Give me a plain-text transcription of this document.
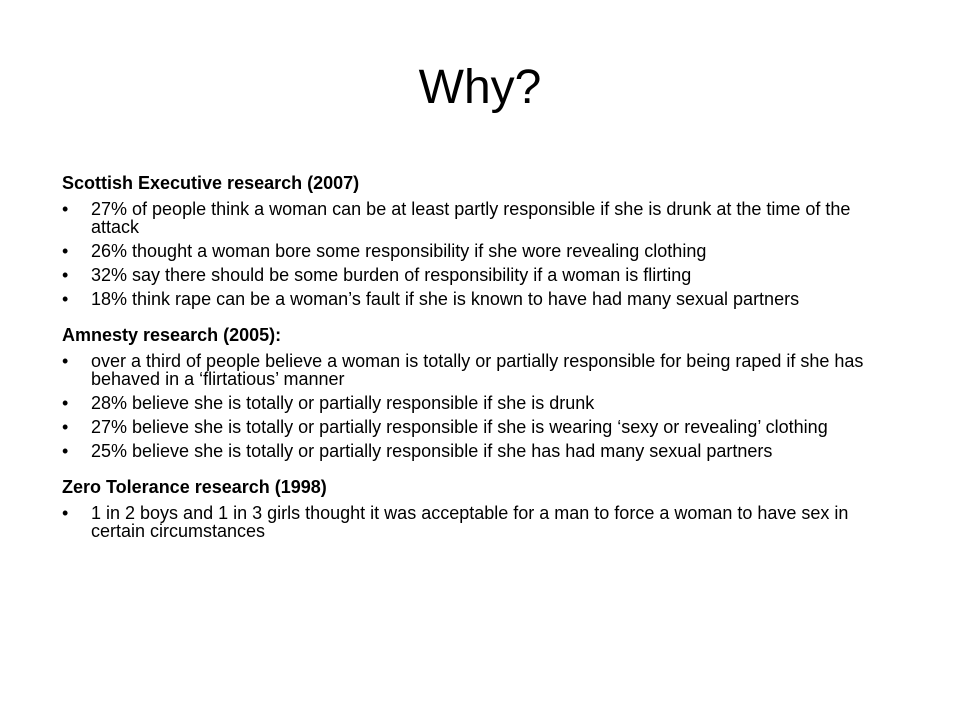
Why?
Scottish Executive research (2007)
• 27% of people think a woman can be at least partly responsible if she is drunk at the time of the attack
• 26% thought a woman bore some responsibility if she wore revealing clothing
• 32% say there should be some burden of responsibility if a woman is flirting
• 18% think rape can be a woman’s fault if she is known to have had many sexual partners
Amnesty research (2005):
• over a third of people believe a woman is totally or partially responsible for being raped if she has behaved in a ‘flirtatious’ manner
• 28% believe she is totally or partially responsible if she is drunk
• 27% believe she is totally or partially responsible if she is wearing ‘sexy or revealing’ clothing
• 25% believe she is totally or partially responsible if she has had many sexual partners
Zero Tolerance research (1998)
• 1 in 2 boys and 1 in 3 girls thought it was acceptable for a man to force a woman to have sex in certain circumstances
